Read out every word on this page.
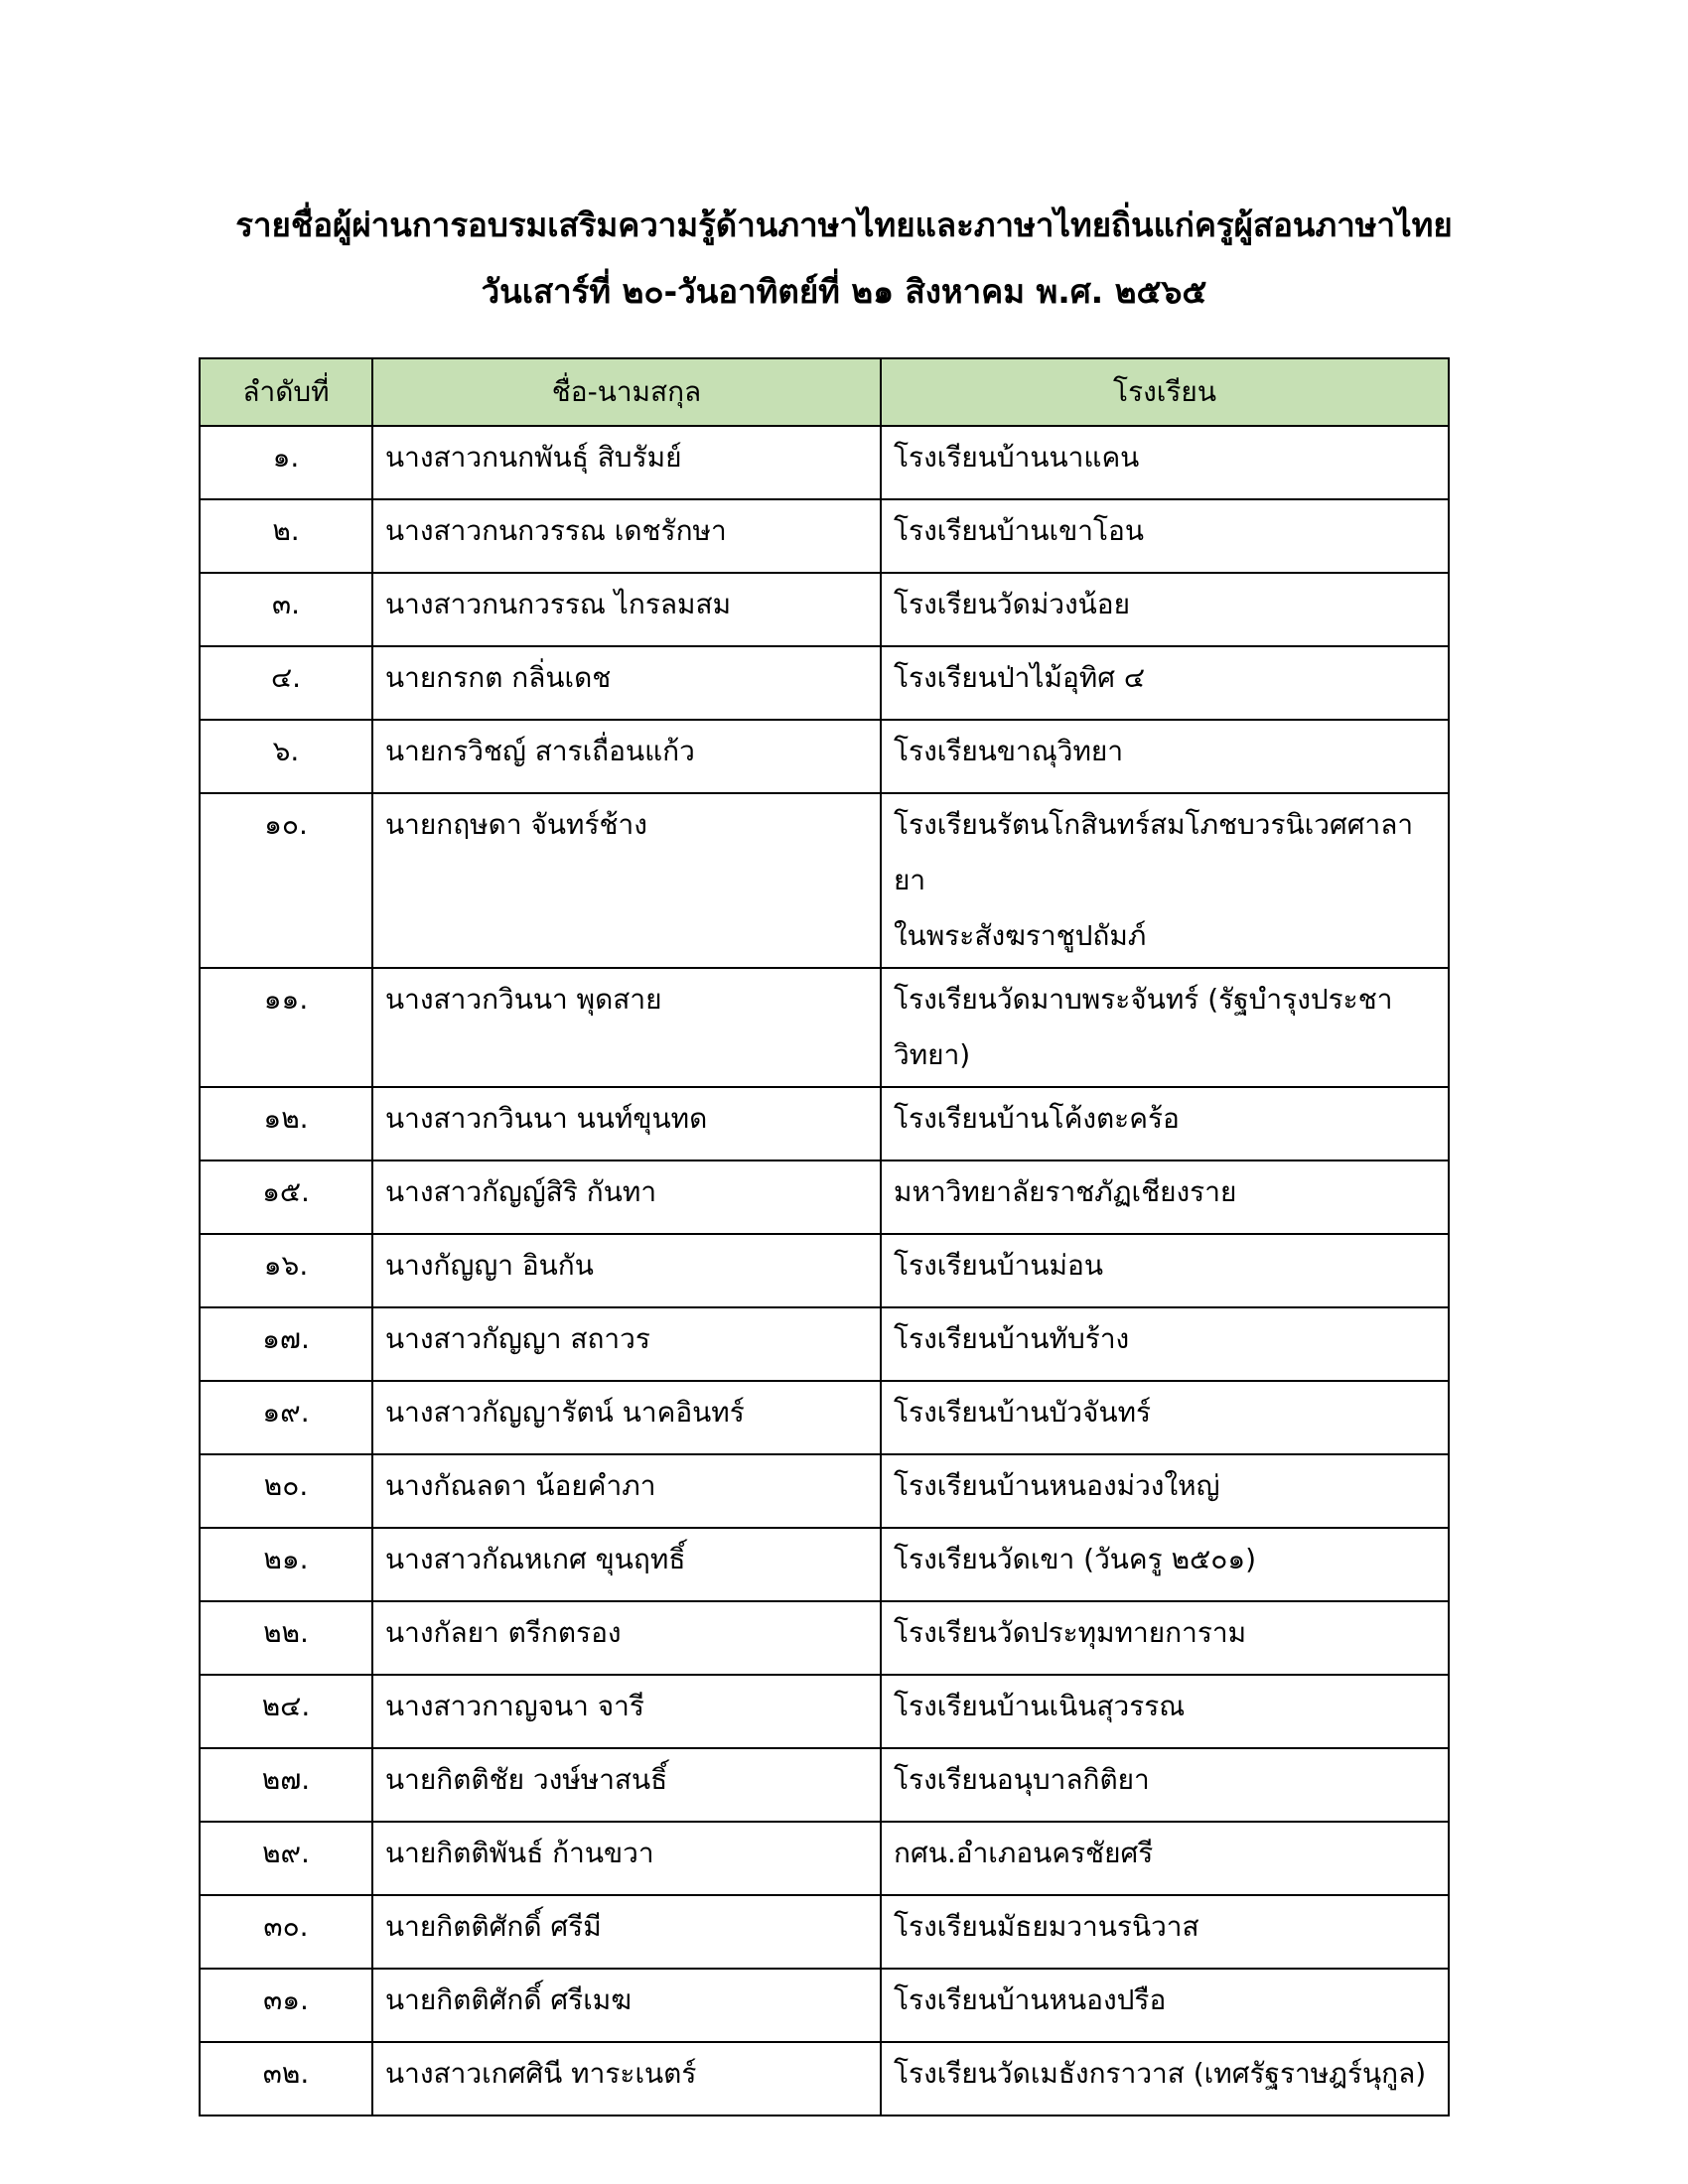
รายชื่อผู้ผ่านการอบรมเสริมความรู้ด้านภาษาไทยและภาษาไทยถิ่นแก่ครูผู้สอนภาษาไทย
วันเสาร์ที่ ๒๐-วันอาทิตย์ที่ ๒๑ สิงหาคม พ.ศ. ๒๕๖๕
ลำดับที่	ชื่อ-นามสกุล	โรงเรียน
๑.	นางสาวกนกพันธุ์ สิบรัมย์	โรงเรียนบ้านนาแคน

๒.	นางสาวกนกวรรณ เดชรักษา	โรงเรียนบ้านเขาโอน

๓.	นางสาวกนกวรรณ ไกรลมสม	โรงเรียนวัดม่วงน้อย

๔.	นายกรกต กลิ่นเดช	โรงเรียนป่าไม้อุทิศ ๔

๖.	นายกรวิชญ์ สารเถื่อนแก้ว	โรงเรียนขาณุวิทยา

๑๐.	นายกฤษดา จันทร์ช้าง	โรงเรียนรัตนโกสินทร์สมโภชบวรนิเวศศาลายา
ในพระสังฆราชูปถัมภ์

๑๑.	นางสาวกวินนา พุดสาย	โรงเรียนวัดมาบพระจันทร์ (รัฐบำรุงประชา
วิทยา)

๑๒.	นางสาวกวินนา นนท์ขุนทด	โรงเรียนบ้านโค้งตะคร้อ

๑๕.	นางสาวกัญญ์สิริ กันทา	มหาวิทยาลัยราชภัฏเชียงราย

๑๖.	นางกัญญา อินกัน	โรงเรียนบ้านม่อน

๑๗.	นางสาวกัญญา สถาวร	โรงเรียนบ้านทับร้าง

๑๙.	นางสาวกัญญารัตน์ นาคอินทร์	โรงเรียนบ้านบัวจันทร์

๒๐.	นางกัณลดา น้อยคำภา	โรงเรียนบ้านหนองม่วงใหญ่

๒๑.	นางสาวกัณหเกศ ขุนฤทธิ์	โรงเรียนวัดเขา (วันครู ๒๕๐๑)

๒๒.	นางกัลยา ตรีกตรอง	โรงเรียนวัดประทุมทายการาม

๒๔.	นางสาวกาญจนา จารี	โรงเรียนบ้านเนินสุวรรณ

๒๗.	นายกิตติชัย วงษ์ษาสนธิ์	โรงเรียนอนุบาลกิติยา

๒๙.	นายกิตติพันธ์ ก้านขวา	กศน.อำเภอนครชัยศรี

๓๐.	นายกิตติศักดิ์ ศรีมี	โรงเรียนมัธยมวานรนิวาส

๓๑.	นายกิตติศักดิ์ ศรีเมฆ	โรงเรียนบ้านหนองปรือ

๓๒.	นางสาวเกศศินี ทาระเนตร์	โรงเรียนวัดเมธังกราวาส (เทศรัฐราษฎร์นุกูล)
